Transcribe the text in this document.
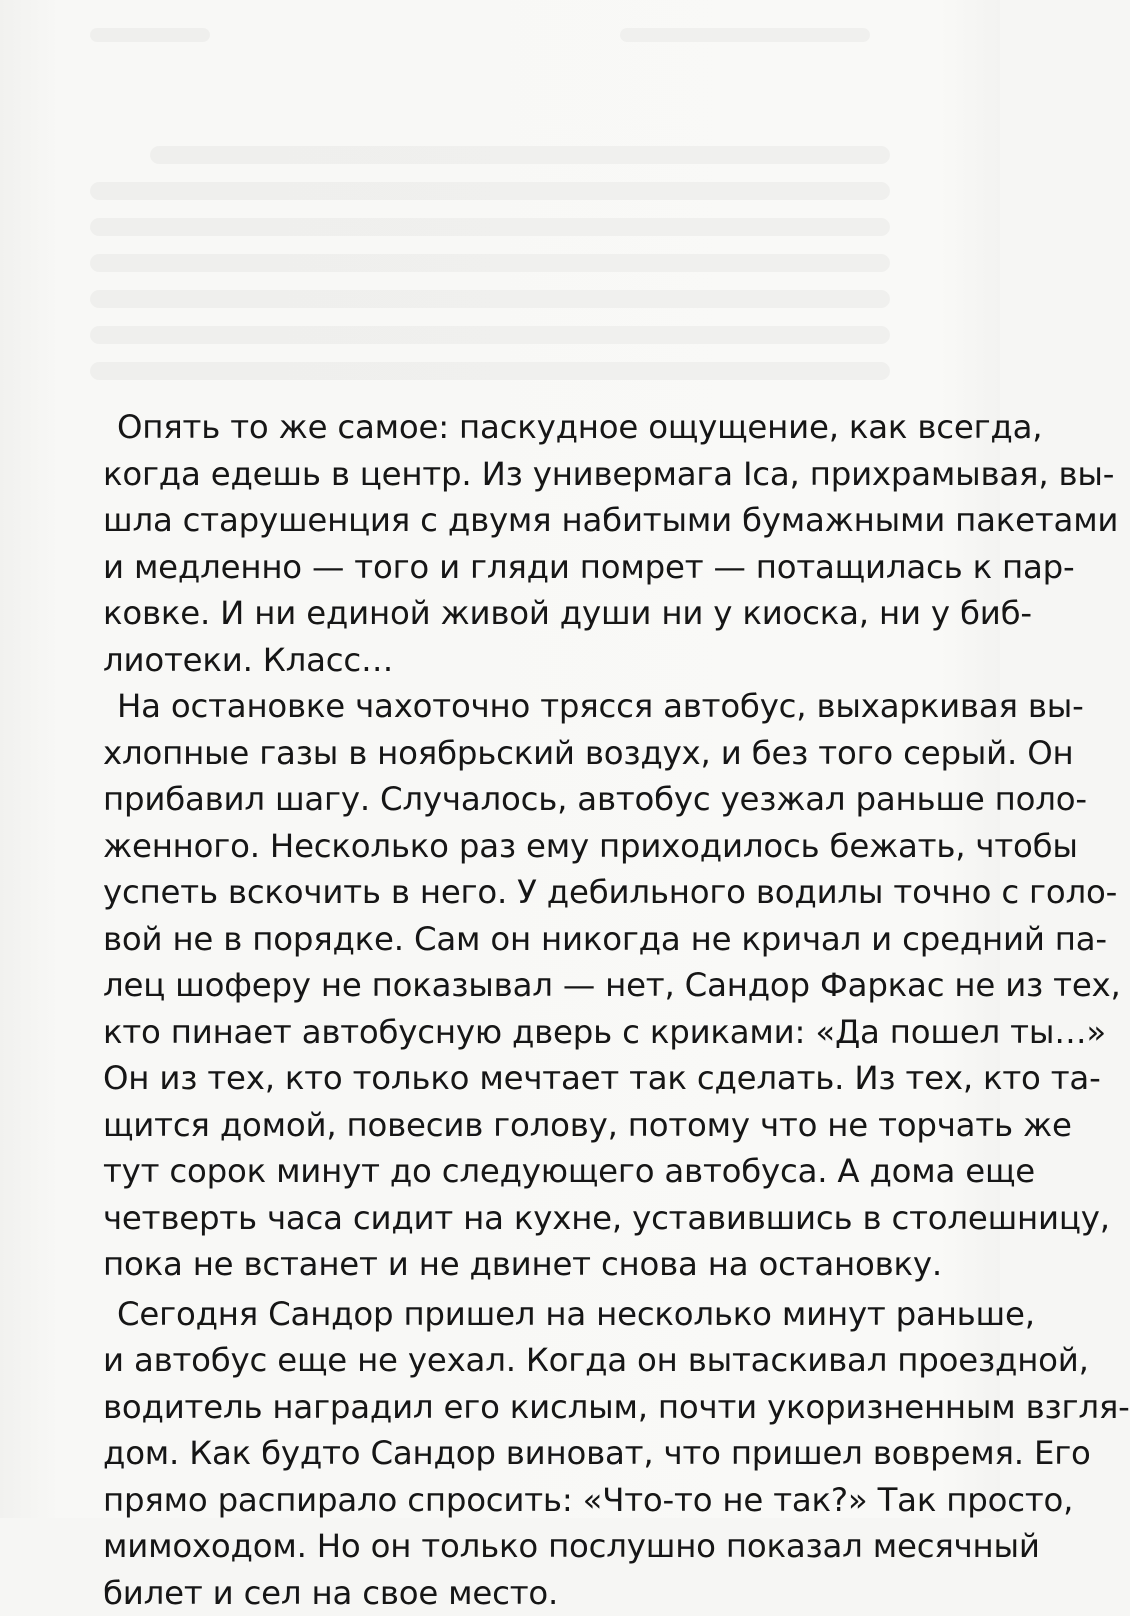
Опять то же самое: паскудное ощущение, как всегда,
когда едешь в центр. Из универмага Ica, прихрамывая, вы-
шла старушенция с двумя набитыми бумажными пакетами
и медленно — того и гляди помрет — потащилась к пар-
ковке. И ни единой живой души ни у киоска, ни у биб-
лиотеки. Класс…
На остановке чахоточно трясся автобус, выхаркивая вы-
хлопные газы в ноябрьский воздух, и без того серый. Он
прибавил шагу. Случалось, автобус уезжал раньше поло-
женного. Несколько раз ему приходилось бежать, чтобы
успеть вскочить в него. У дебильного водилы точно с голо-
вой не в порядке. Сам он никогда не кричал и средний па-
лец шоферу не показывал — нет, Сандор Фаркас не из тех,
кто пинает автобусную дверь с криками: «Да пошел ты…»
Он из тех, кто только мечтает так сделать. Из тех, кто та-
щится домой, повесив голову, потому что не торчать же
тут сорок минут до следующего автобуса. А дома еще
четверть часа сидит на кухне, уставившись в столешницу,
пока не встанет и не двинет снова на остановку.
Сегодня Сандор пришел на несколько минут раньше,
и автобус еще не уехал. Когда он вытаскивал проездной,
водитель наградил его кислым, почти укоризненным взгля-
дом. Как будто Сандор виноват, что пришел вовремя. Его
прямо распирало спросить: «Что-то не так?» Так просто,
мимоходом. Но он только послушно показал месячный
билет и сел на свое место.
